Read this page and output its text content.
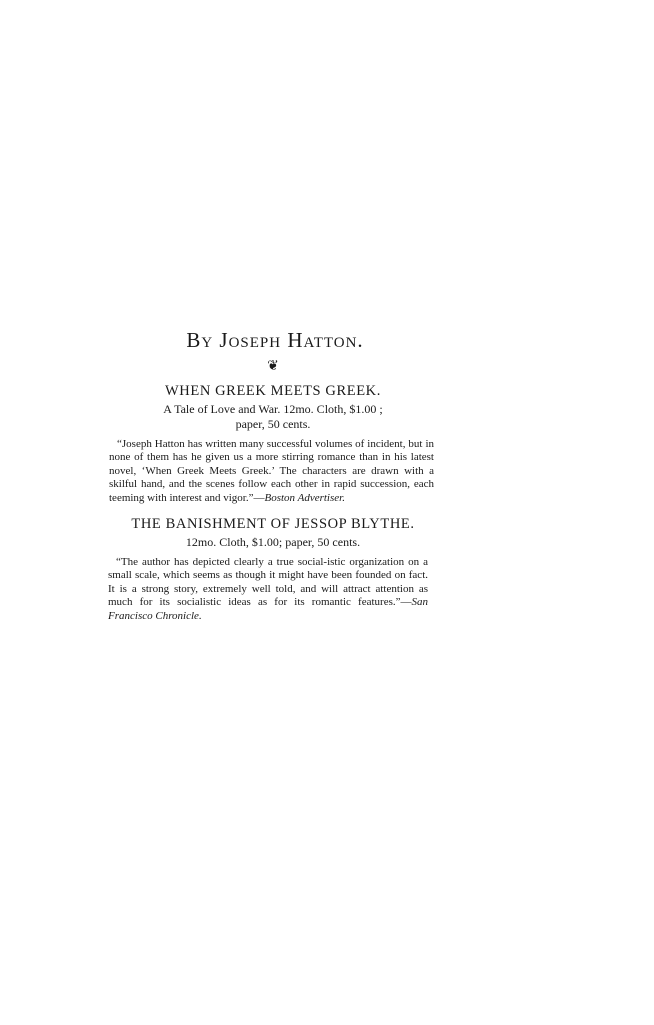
By Joseph Hatton.
❦

WHEN GREEK MEETS GREEK.

A Tale of Love and War. 12mo. Cloth, $1.00 ;

paper, 50 cents.

“Joseph Hatton has written many successful volumes of incident, but in none of them has he given us a more stirring romance than in his latest novel, ‘When Greek Meets Greek.’ The characters are drawn with a skilful hand, and the scenes follow each other in rapid succession, each teeming with interest and vigor.”—Boston Advertiser.

THE BANISHMENT OF JESSOP BLYTHE.

12mo. Cloth, $1.00; paper, 50 cents.

“The author has depicted clearly a true social-istic organization on a small scale, which seems as though it might have been founded on fact. It is a strong story, extremely well told, and will attract attention as much for its socialistic ideas as for its romantic features.”—San Francisco Chronicle.
